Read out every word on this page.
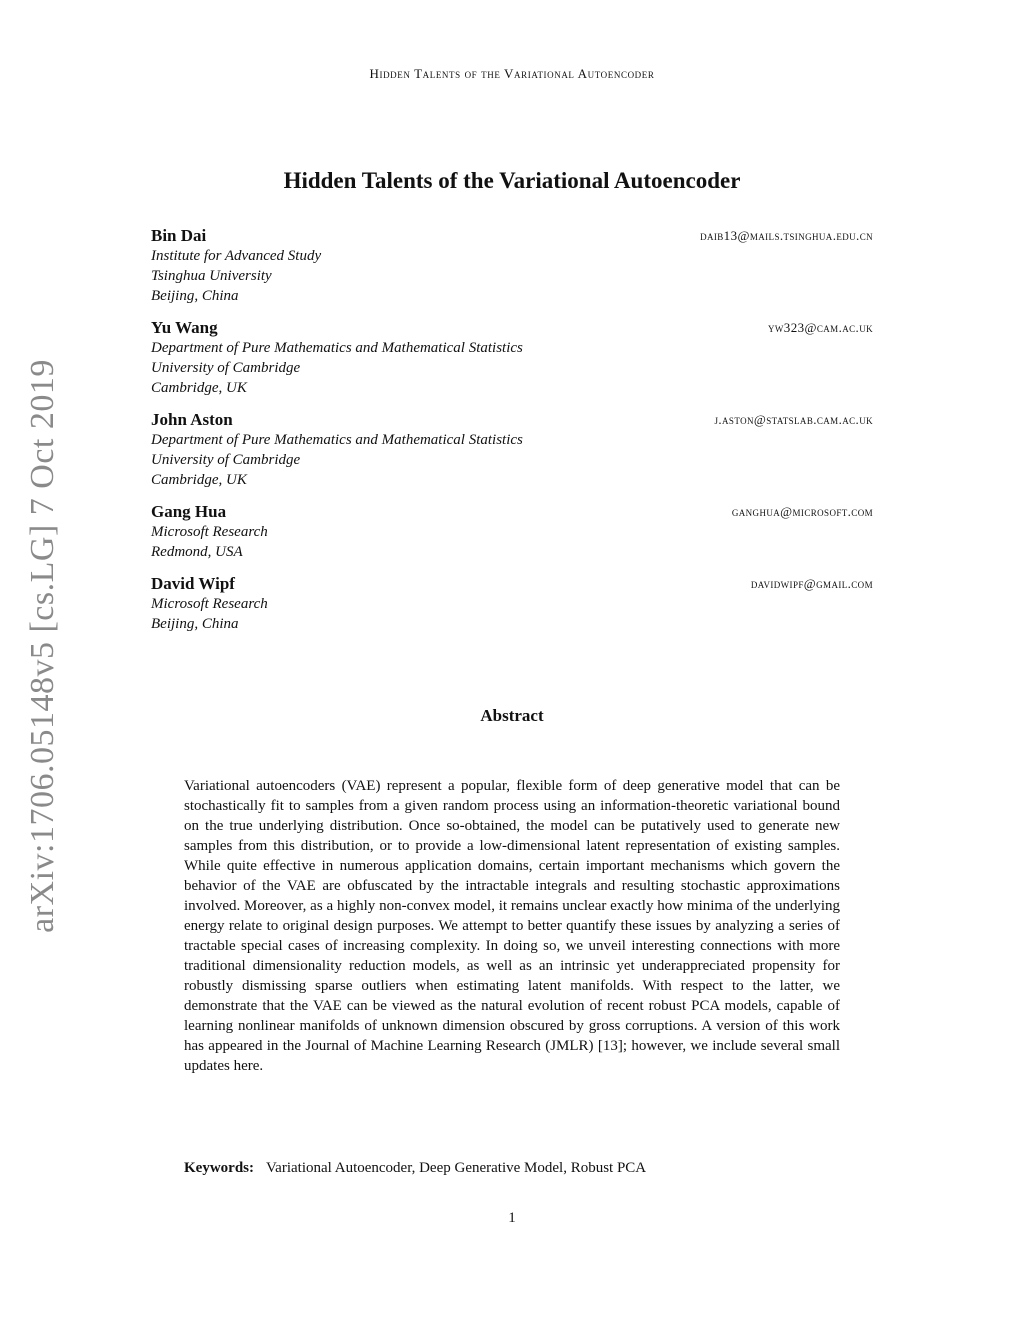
arXiv:1706.05148v5 [cs.LG] 7 Oct 2019
Hidden Talents of the Variational Autoencoder
Hidden Talents of the Variational Autoencoder
Bin Dai	daib13@mails.tsinghua.edu.cn
Institute for Advanced Study
Tsinghua University
Beijing, China
Yu Wang	yw323@cam.ac.uk
Department of Pure Mathematics and Mathematical Statistics
University of Cambridge
Cambridge, UK
John Aston	j.aston@statslab.cam.ac.uk
Department of Pure Mathematics and Mathematical Statistics
University of Cambridge
Cambridge, UK
Gang Hua	ganghua@microsoft.com
Microsoft Research
Redmond, USA
David Wipf	davidwipf@gmail.com
Microsoft Research
Beijing, China
Abstract
Variational autoencoders (VAE) represent a popular, flexible form of deep generative model that can be stochastically fit to samples from a given random process using an information-theoretic variational bound on the true underlying distribution. Once so-obtained, the model can be putatively used to generate new samples from this distribution, or to provide a low-dimensional latent representation of existing samples. While quite effective in numerous application domains, certain important mechanisms which govern the behavior of the VAE are obfuscated by the intractable integrals and resulting stochastic approximations involved. Moreover, as a highly non-convex model, it remains unclear exactly how minima of the underlying energy relate to original design purposes. We attempt to better quantify these issues by analyzing a series of tractable special cases of increasing complexity. In doing so, we unveil interesting connections with more traditional dimensionality reduction models, as well as an intrinsic yet underappreciated propensity for robustly dismissing sparse outliers when estimating latent manifolds. With respect to the latter, we demonstrate that the VAE can be viewed as the natural evolution of recent robust PCA models, capable of learning nonlinear manifolds of unknown dimension obscured by gross corruptions. A version of this work has appeared in the Journal of Machine Learning Research (JMLR) [13]; however, we include several small updates here.
Keywords: Variational Autoencoder, Deep Generative Model, Robust PCA
1
